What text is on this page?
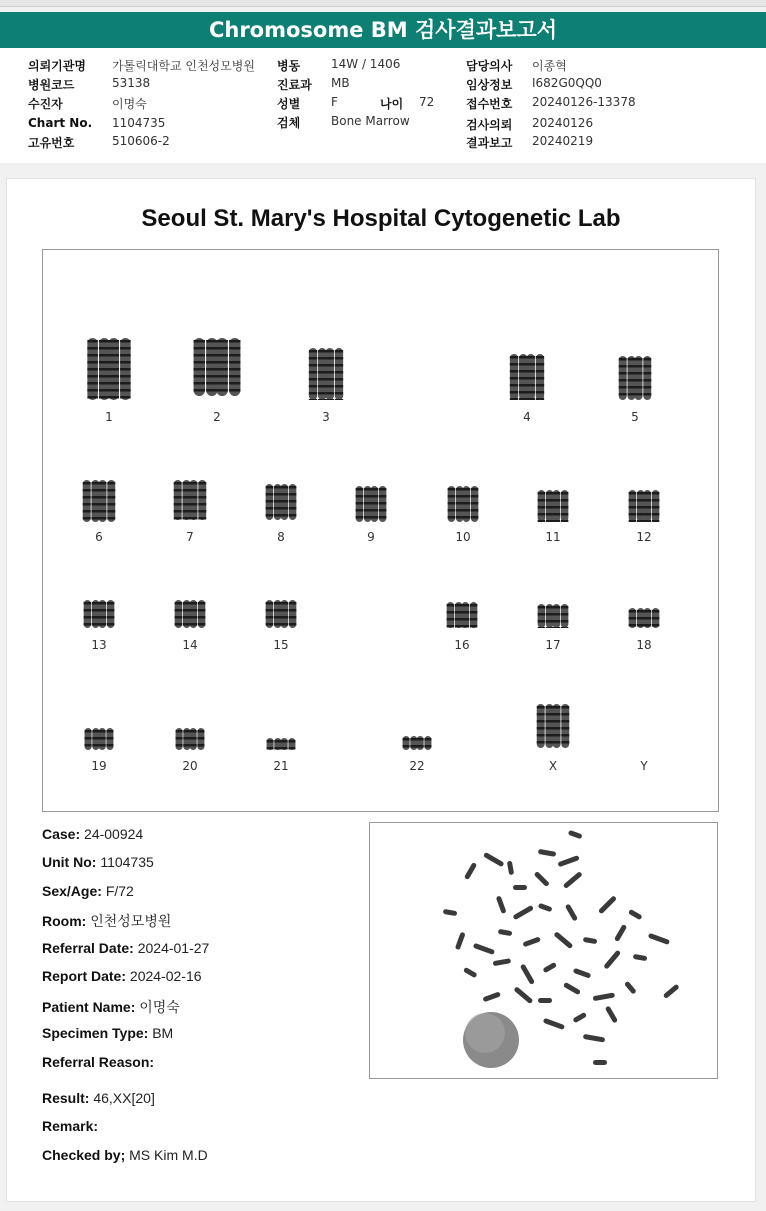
Chromosome BM 검사결과보고서
의뢰기관명 가톨릭대학교 인천성모병원
병원코드	53138
수진자	이명숙
Chart No. 1104735
고유번호	510606-2
병동	14W / 1406
진료과 MB
성별	F	나이 72
검체	Bone Marrow
담당의사 이종혁
임상정보 I682G0QQ0
접수번호 20240126-13378
검사의뢰 20240126
결과보고 20240219
Seoul St. Mary's Hospital Cytogenetic Lab
1	2	3	4	5
6	7	8	9	10	11	12
13	14	15	16	17	18
19	20	21	22	X	Y
Case: 24-00924
Unit No: 1104735
Sex/Age: F/72
Room: 인천성모병원
Referral Date: 2024-01-27
Report Date: 2024-02-16
Patient Name: 이명숙
Specimen Type: BM
Referral Reason:
Result: 46,XX[20]
Remark:
Checked by; MS Kim M.D
